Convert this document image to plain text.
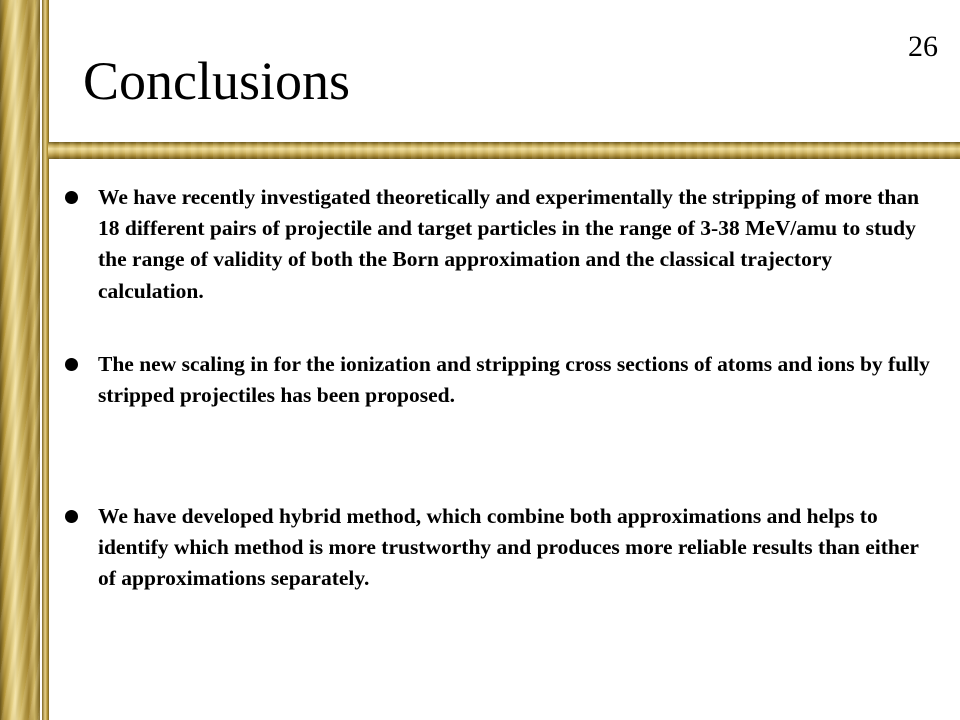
Conclusions
26
We have recently investigated theoretically and experimentally the stripping of more than 18 different pairs of projectile and target particles in the range of 3-38 MeV/amu to study the range of validity of both the Born approximation and the classical trajectory calculation.
The new scaling in for the ionization and stripping cross sections of atoms and ions by fully stripped projectiles has been proposed.
We have developed hybrid method, which combine both approximations and helps to identify which method is more trustworthy and produces more reliable results than either of approximations separately.
